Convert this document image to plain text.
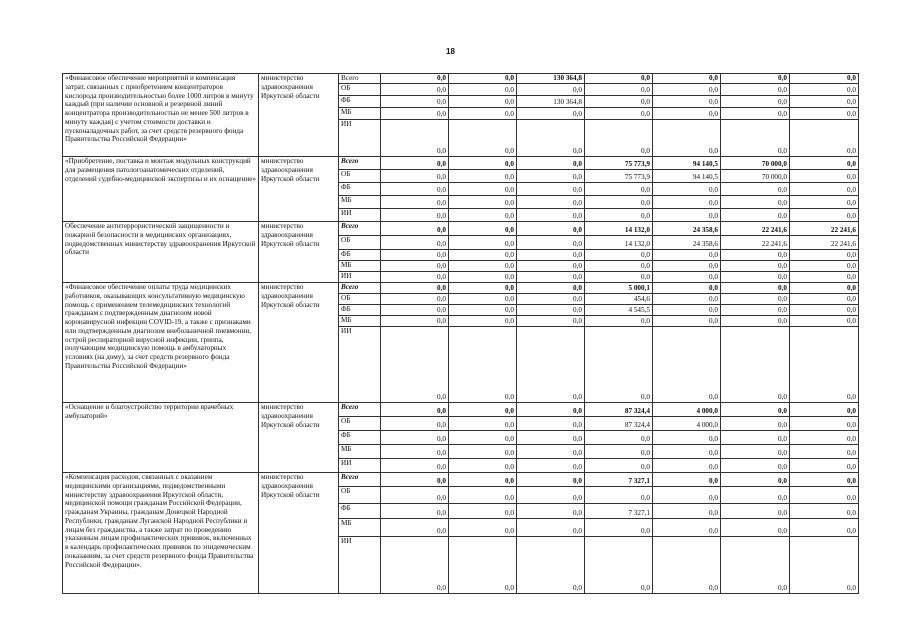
18
«Финансовое обеспечение мероприятий и компенсация затрат, связанных с приобретением концентраторов кислорода производительностью более 1000 литров в минуту каждый (при наличии основной и резервной линий концентратора производительностью не менее 500 литров в минуту каждая) с учетом стоимости доставки и пусконаладочных работ, за счет средств резервного фонда Правительства Российской Федерации»	министерство здравоохранения Иркутской области	Всего	0,0	0,0	130 364,8	0,0	0,0	0,0	0,0
		ОБ	0,0	0,0	0,0	0,0	0,0	0,0	0,0
		ФБ	0,0	0,0	130 364,8	0,0	0,0	0,0	0,0
		МБ	0,0	0,0	0,0	0,0	0,0	0,0	0,0
		ИИ	0,0	0,0	0,0	0,0	0,0	0,0	0,0
«Приобретение, поставка и монтаж модульных конструкций для размещения патологоанатомических отделений, отделений судебно-медицинской экспертизы и их оснащение»	министерство здравоохранения Иркутской области	Всего	0,0	0,0	0,0	75 773,9	94 140,5	70 000,0	0,0
		ОБ	0,0	0,0	0,0	75 773,9	94 140,5	70 000,0	0,0
		ФБ	0,0	0,0	0,0	0,0	0,0	0,0	0,0
		МБ	0,0	0,0	0,0	0,0	0,0	0,0	0,0
		ИИ	0,0	0,0	0,0	0,0	0,0	0,0	0,0
Обеспечение антитеррористической защищенности и пожарной безопасности в медицинских организациях, подведомственных министерству здравоохранения Иркутской области	министерство здравоохранения Иркутской области	Всего	0,0	0,0	0,0	14 132,0	24 358,6	22 241,6	22 241,6
		ОБ	0,0	0,0	0,0	14 132,0	24 358,6	22 241,6	22 241,6
		ФБ	0,0	0,0	0,0	0,0	0,0	0,0	0,0
		МБ	0,0	0,0	0,0	0,0	0,0	0,0	0,0
		ИИ	0,0	0,0	0,0	0,0	0,0	0,0	0,0
«Финансовое обеспечение оплаты труда медицинских работников, оказывающих консультативную медицинскую помощь с применением телемедицинских технологий гражданам с подтвержденным диагнозом новой коронавирусной инфекции COVID-19, а также с признаками или подтвержденным диагнозом внебольничной пневмонии, острой респираторной вирусной инфекции, гриппа, получающим медицинскую помощь в амбулаторных условиях (на дому), за счет средств резервного фонда Правительства Российской Федерации»	министерство здравоохранения Иркутской области	Всего	0,0	0,0	0,0	5 000,1	0,0	0,0	0,0
		ОБ	0,0	0,0	0,0	454,6	0,0	0,0	0,0
		ФБ	0,0	0,0	0,0	4 545,5	0,0	0,0	0,0
		МБ	0,0	0,0	0,0	0,0	0,0	0,0	0,0
		ИИ	0,0	0,0	0,0	0,0	0,0	0,0	0,0
«Оснащение и благоустройство территории врачебных амбулаторий»	министерство здравоохранения Иркутской области	Всего	0,0	0,0	0,0	87 324,4	4 000,0	0,0	0,0
		ОБ	0,0	0,0	0,0	87 324,4	4 000,0	0,0	0,0
		ФБ	0,0	0,0	0,0	0,0	0,0	0,0	0,0
		МБ	0,0	0,0	0,0	0,0	0,0	0,0	0,0
		ИИ	0,0	0,0	0,0	0,0	0,0	0,0	0,0
«Компенсация расходов, связанных с оказанием медицинскими организациями, подведомственными министерству здравоохранения Иркутской области, медицинской помощи гражданам Российской Федерации, гражданам Украины, гражданам Донецкой Народной Республики, гражданам Луганской Народной Республики и лицам без гражданства, а также затрат по проведению указанным лицам профилактических прививок, включенных в календарь профилактических прививок по эпидемическим показаниям, за счет средств резервного фонда Правительства Российской Федерации».	министерство здравоохранения Иркутской области	Всего	0,0	0,0	0,0	7 327,1	0,0	0,0	0,0
		ОБ	0,0	0,0	0,0	0,0	0,0	0,0	0,0
		ФБ	0,0	0,0	0,0	7 327,1	0,0	0,0	0,0
		МБ	0,0	0,0	0,0	0,0	0,0	0,0	0,0
		ИИ	0,0	0,0	0,0	0,0	0,0	0,0	0,0
